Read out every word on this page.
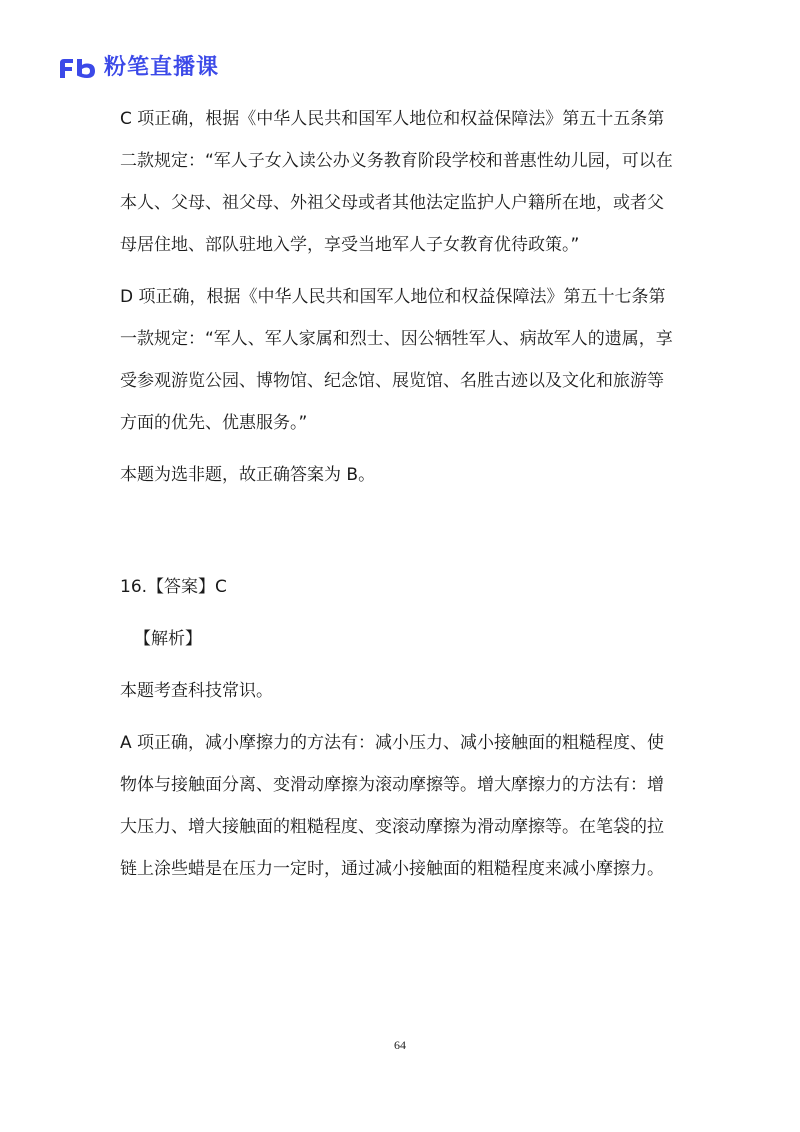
粉笔直播课

C 项正确，根据《中华人民共和国军人地位和权益保障法》第五十五条第二款规定：“军人子女入读公办义务教育阶段学校和普惠性幼儿园，可以在本人、父母、祖父母、外祖父母或者其他法定监护人户籍所在地，或者父母居住地、部队驻地入学，享受当地军人子女教育优待政策。”

D 项正确，根据《中华人民共和国军人地位和权益保障法》第五十七条第一款规定：“军人、军人家属和烈士、因公牺牲军人、病故军人的遗属，享受参观游览公园、博物馆、纪念馆、展览馆、名胜古迹以及文化和旅游等方面的优先、优惠服务。”

本题为选非题，故正确答案为 B。

16.【答案】C

【解析】

本题考查科技常识。

A 项正确，减小摩擦力的方法有：减小压力、减小接触面的粗糙程度、使物体与接触面分离、变滑动摩擦为滚动摩擦等。增大摩擦力的方法有：增大压力、增大接触面的粗糙程度、变滚动摩擦为滑动摩擦等。在笔袋的拉链上涂些蜡是在压力一定时，通过减小接触面的粗糙程度来减小摩擦力。

64
